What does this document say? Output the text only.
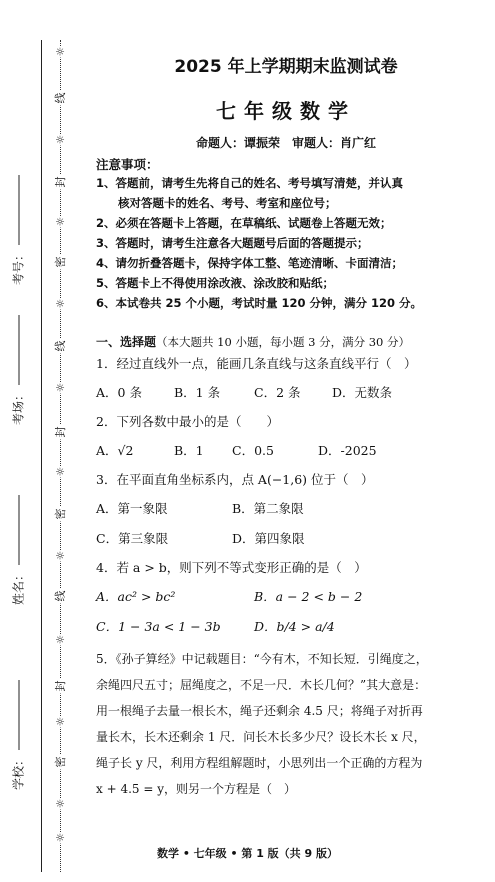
☼
线
☼
封
☼
密
☼
线
☼
封
☼
密
☼
线
☼
封
☼
密
☼
☼
考号：
考场：
姓名：
学校：
2025 年上学期期末监测试卷
七年级数学
命题人：谭振荣　审题人：肖广红
注意事项：
1、答题前，请考生先将自己的姓名、考号填写清楚，并认真
核对答题卡的姓名、考号、考室和座位号；
2、必须在答题卡上答题，在草稿纸、试题卷上答题无效；
3、答题时，请考生注意各大题题号后面的答题提示；
4、请勿折叠答题卡，保持字体工整、笔迹清晰、卡面清洁；
5、答题卡上不得使用涂改液、涂改胶和贴纸；
6、本试卷共 25 个小题，考试时量 120 分钟，满分 120 分。
一、选择题（本大题共 10 小题，每小题 3 分，满分 30 分）
1．经过直线外一点，能画几条直线与这条直线平行（　）
A．0 条	B．1 条	C．2 条	D．无数条
2．下列各数中最小的是（　　）
A．√2	B．1	C．0.5	D．-2025
3．在平面直角坐标系内，点 A(−1,6) 位于（　）
A．第一象限	B．第二象限
C．第三象限	D．第四象限
4．若 a > b，则下列不等式变形正确的是（　）
A．ac² > bc²	B．a − 2 < b − 2
C．1 − 3a < 1 − 3b	D．b/4 > a/4
5．《孙子算经》中记载题目：“今有木，不知长短．引绳度之，
余绳四尺五寸；屈绳度之，不足一尺．木长几何？”其大意是：
用一根绳子去量一根长木，绳子还剩余 4.5 尺；将绳子对折再
量长木，长木还剩余 1 尺．问长木长多少尺？设长木长 x 尺，
绳子长 y 尺，利用方程组解题时，小思列出一个正确的方程为
x + 4.5 = y，则另一个方程是（　）
数学 • 七年级 • 第 1 版（共 9 版）
